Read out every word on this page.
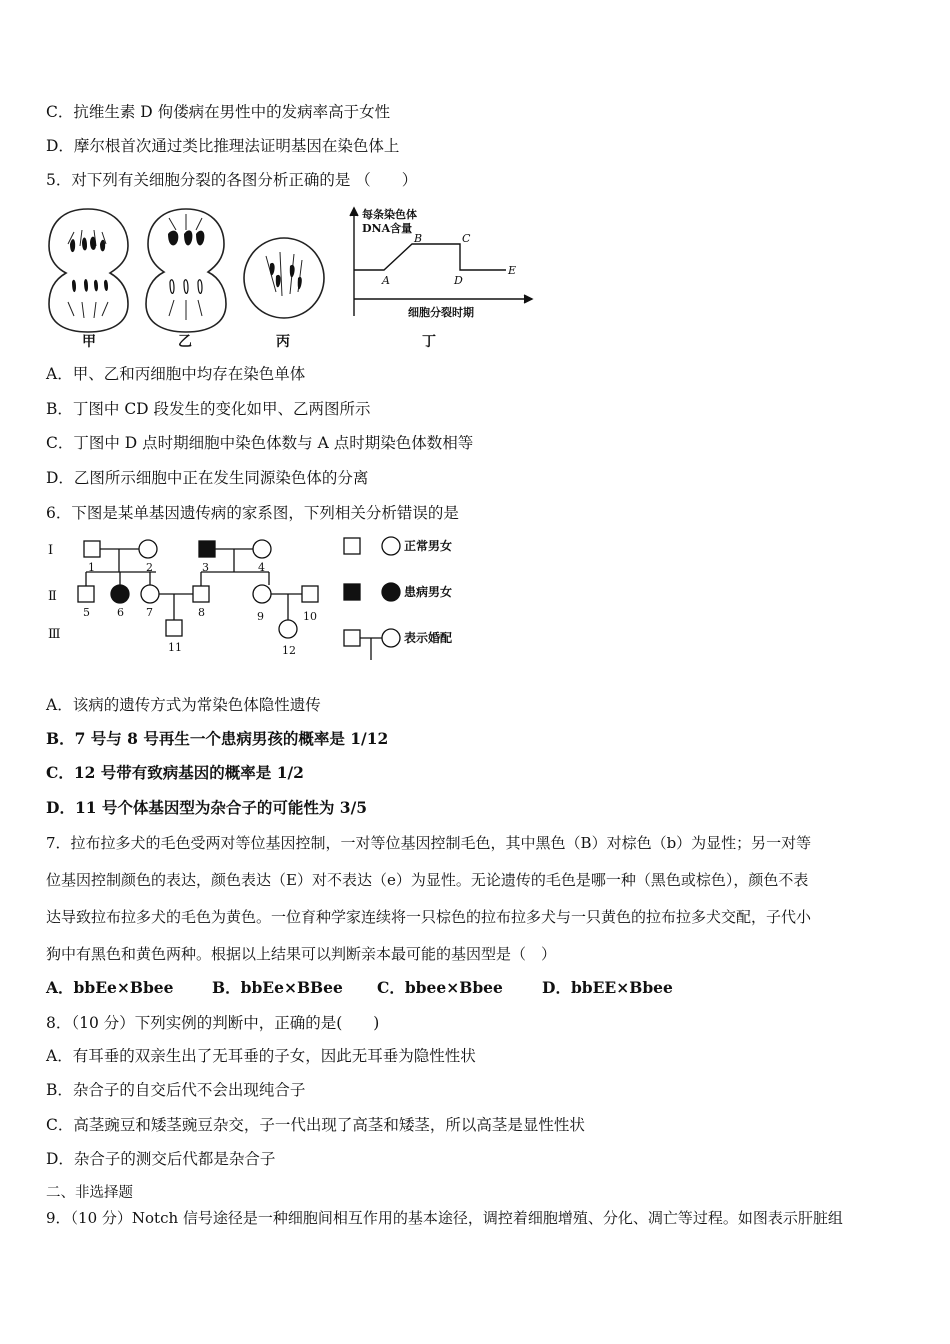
C．抗维生素 D 佝偻病在男性中的发病率高于女性
D．摩尔根首次通过类比推理法证明基因在染色体上
5．对下列有关细胞分裂的各图分析正确的是 （　　）
每条染色体
DNA含量
细胞分裂时期
A
B	C
D
E
甲	乙	丙	丁
A．甲、乙和丙细胞中均存在染色单体
B．丁图中 CD 段发生的变化如甲、乙两图所示
C．丁图中 D 点时期细胞中染色体数与 A 点时期染色体数相等
D．乙图所示细胞中正在发生同源染色体的分离
6．下图是某单基因遗传病的家系图，下列相关分析错误的是
Ⅰ
Ⅱ
Ⅲ
1	2	3	4
5 6 7	8	9	10
11	12
正常男女
患病男女
表示婚配
A．该病的遗传方式为常染色体隐性遗传
B．7 号与 8 号再生一个患病男孩的概率是 1/12
C．12 号带有致病基因的概率是 1/2
D．11 号个体基因型为杂合子的可能性为 3/5
7．拉布拉多犬的毛色受两对等位基因控制，一对等位基因控制毛色，其中黑色（B）对棕色（b）为显性；另一对等
位基因控制颜色的表达，颜色表达（E）对不表达（e）为显性。无论遗传的毛色是哪一种（黑色或棕色），颜色不表
达导致拉布拉多犬的毛色为黄色。一位育种学家连续将一只棕色的拉布拉多犬与一只黄色的拉布拉多犬交配，子代小
狗中有黑色和黄色两种。根据以上结果可以判断亲本最可能的基因型是（　）
A．bbEe×Bbee B．bbEe×BBee C．bbee×Bbee	D．bbEE×Bbee
8．（10 分）下列实例的判断中，正确的是(　　)
A．有耳垂的双亲生出了无耳垂的子女，因此无耳垂为隐性性状
B．杂合子的自交后代不会出现纯合子
C．高茎豌豆和矮茎豌豆杂交，子一代出现了高茎和矮茎，所以高茎是显性性状
D．杂合子的测交后代都是杂合子
二、非选择题
9．（10 分）Notch 信号途径是一种细胞间相互作用的基本途径，调控着细胞增殖、分化、凋亡等过程。如图表示肝脏组
